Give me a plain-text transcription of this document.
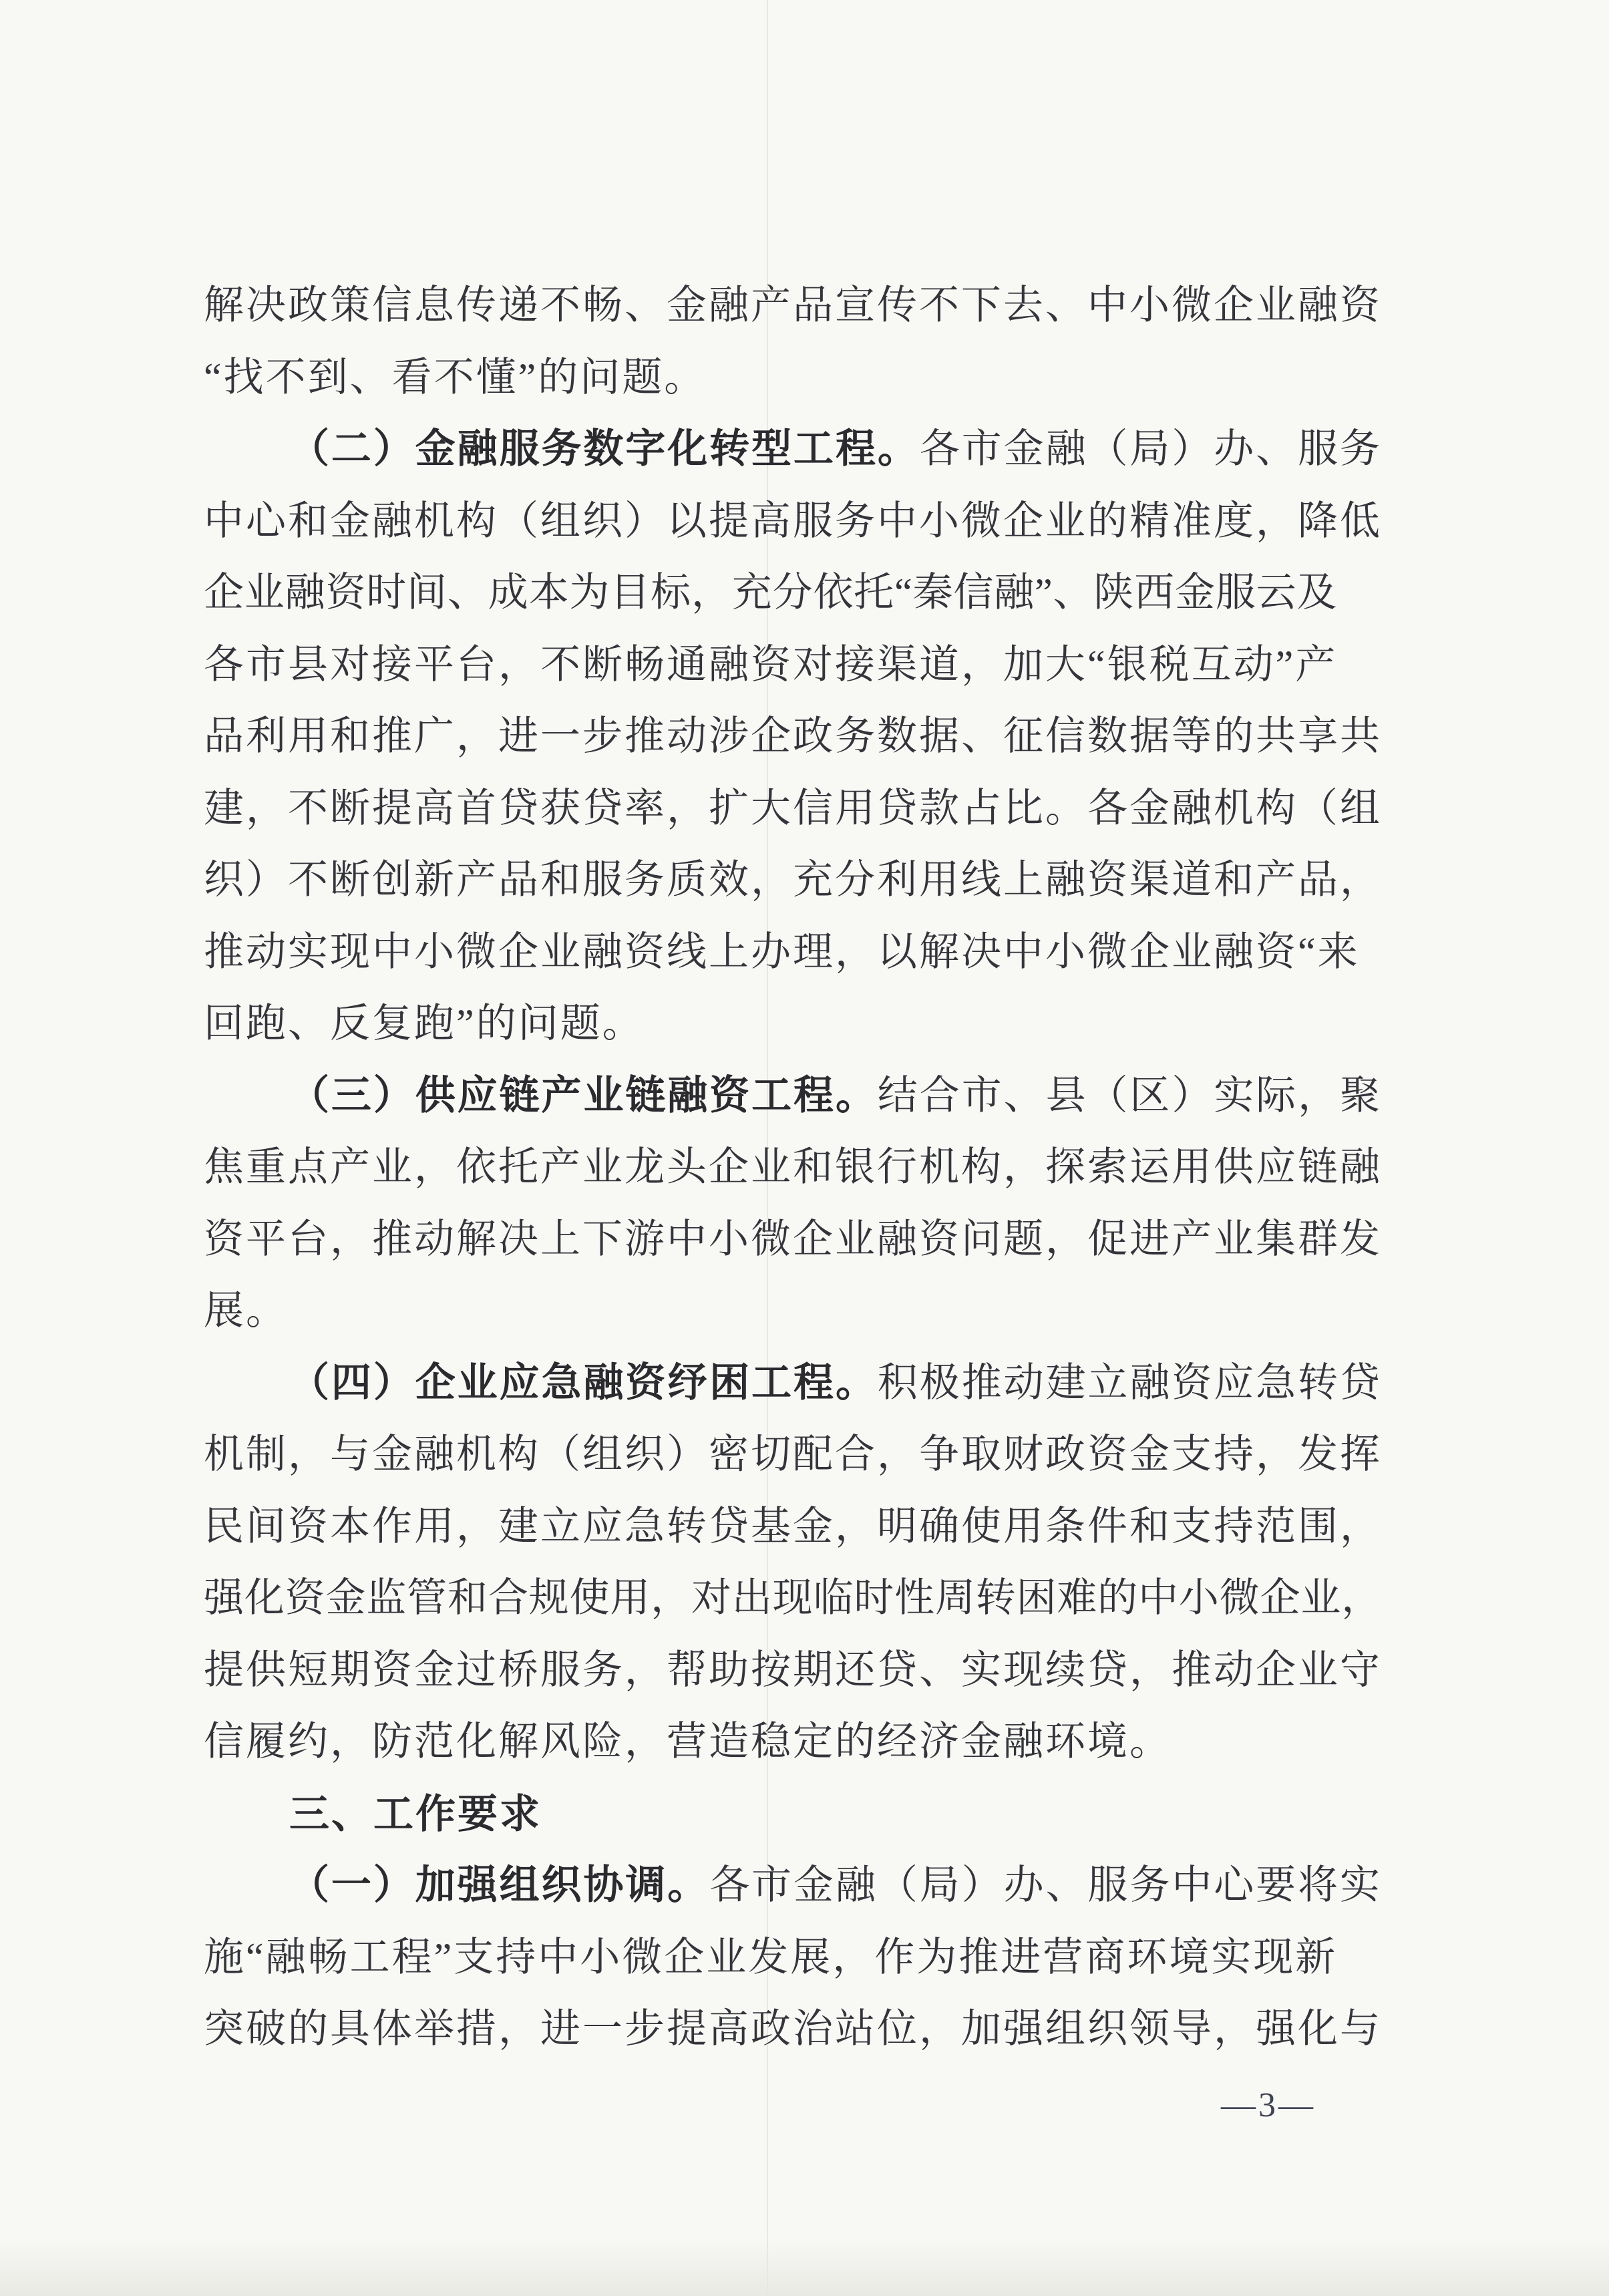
解决政策信息传递不畅、金融产品宣传不下去、中小微企业融资
“找不到、看不懂”的问题。
（二）金融服务数字化转型工程。各市金融（局）办、服务
中心和金融机构（组织）以提高服务中小微企业的精准度，降低
企业融资时间、成本为目标，充分依托“秦信融”、陕西金服云及
各市县对接平台，不断畅通融资对接渠道，加大“银税互动”产
品利用和推广，进一步推动涉企政务数据、征信数据等的共享共
建，不断提高首贷获贷率，扩大信用贷款占比。各金融机构（组
织）不断创新产品和服务质效，充分利用线上融资渠道和产品，
推动实现中小微企业融资线上办理，以解决中小微企业融资“来
回跑、反复跑”的问题。
（三）供应链产业链融资工程。结合市、县（区）实际，聚
焦重点产业，依托产业龙头企业和银行机构，探索运用供应链融
资平台，推动解决上下游中小微企业融资问题，促进产业集群发
展。
（四）企业应急融资纾困工程。积极推动建立融资应急转贷
机制，与金融机构（组织）密切配合，争取财政资金支持，发挥
民间资本作用，建立应急转贷基金，明确使用条件和支持范围，
强化资金监管和合规使用，对出现临时性周转困难的中小微企业，
提供短期资金过桥服务，帮助按期还贷、实现续贷，推动企业守
信履约，防范化解风险，营造稳定的经济金融环境。
三、工作要求
（一）加强组织协调。各市金融（局）办、服务中心要将实
施“融畅工程”支持中小微企业发展，作为推进营商环境实现新
突破的具体举措，进一步提高政治站位，加强组织领导，强化与
—3—
